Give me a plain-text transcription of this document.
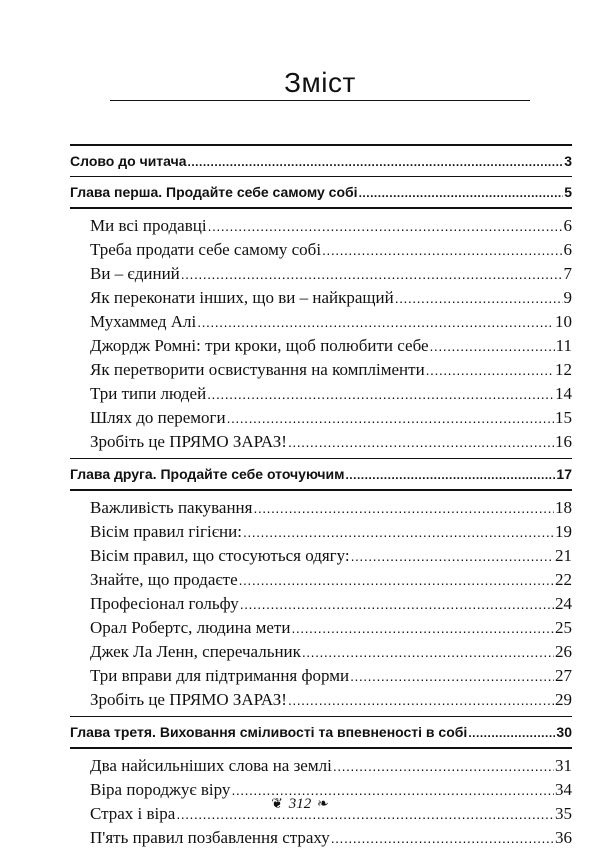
Зміст
Слово до читача .....	3
Глава перша. Продайте себе самому собі .....	5
Ми всі продавці .....	6
Треба продати себе самому собі .....	6
Ви – єдиний .....	7
Як переконати інших, що ви – найкращий .....	9
Мухаммед Алі .....	10
Джордж Ромні: три кроки, щоб полюбити себе .....	11
Як перетворити освистування на компліменти .....	12
Три типи людей .....	14
Шлях до перемоги .....	15
Зробіть це ПРЯМО ЗАРАЗ! .....	16
Глава друга. Продайте себе оточуючим .....	17
Важливість пакування .....	18
Вісім правил гігієни: .....	19
Вісім правил, що стосуються одягу: .....	21
Знайте, що продаєте .....	22
Професіонал гольфу .....	24
Орал Робертс, людина мети .....	25
Джек Ла Ленн, сперечальник .....	26
Три вправи для підтримання форми .....	27
Зробіть це ПРЯМО ЗАРАЗ! .....	29
Глава третя. Виховання сміливості та впевненості в собі .....	30
Два найсильніших слова на землі .....	31
Віра породжує віру .....	34
Страх і віра .....	35
П'ять правил позбавлення страху .....	36
❦ 312 ❧
